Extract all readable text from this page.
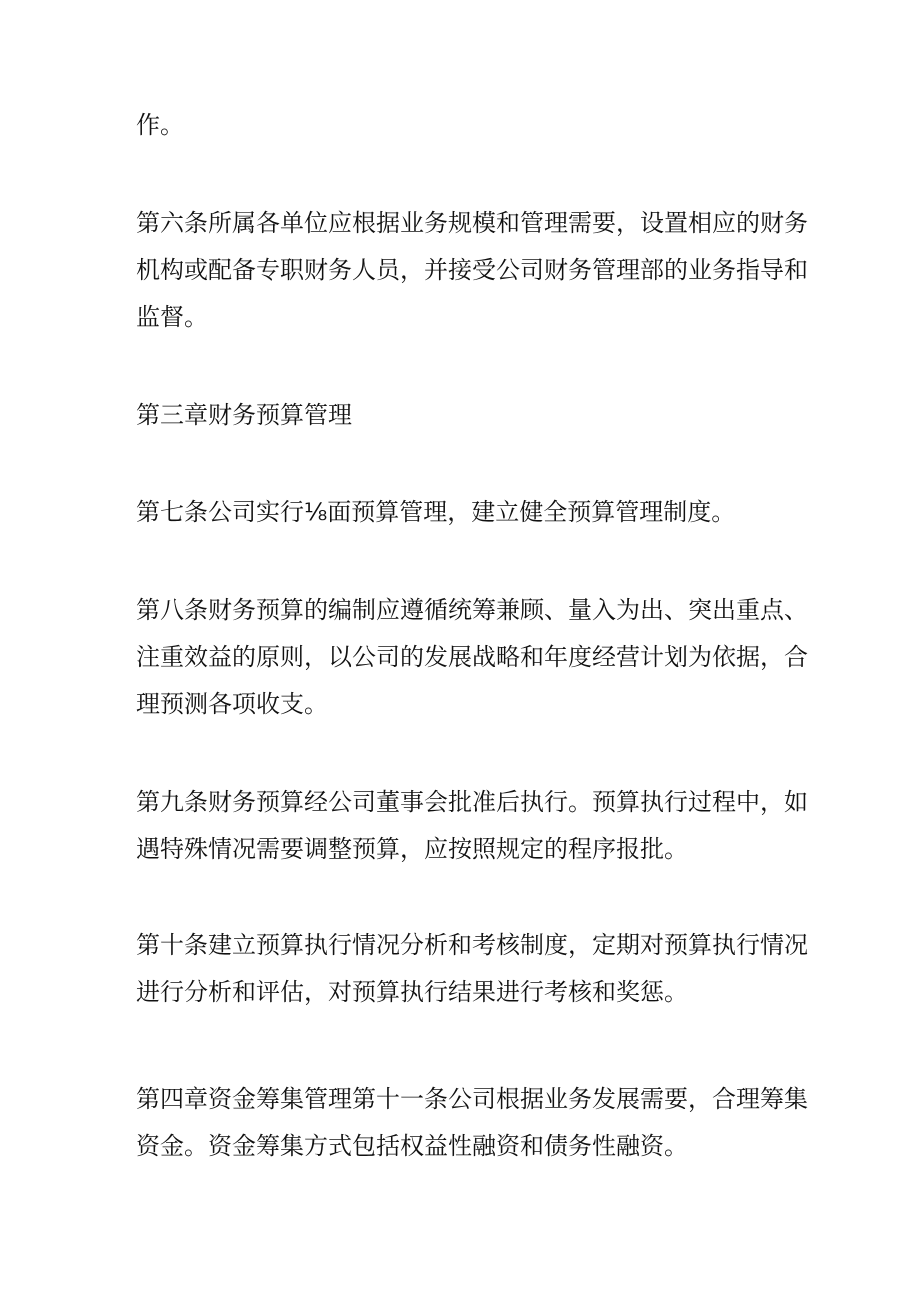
作。

第六条所属各单位应根据业务规模和管理需要，设置相应的财务
机构或配备专职财务人员，并接受公司财务管理部的业务指导和
监督。

第三章财务预算管理

第七条公司实行⅛面预算管理，建立健全预算管理制度。

第八条财务预算的编制应遵循统筹兼顾、量入为出、突出重点、
注重效益的原则，以公司的发展战略和年度经营计划为依据，合
理预测各项收支。

第九条财务预算经公司董事会批准后执行。预算执行过程中，如
遇特殊情况需要调整预算，应按照规定的程序报批。

第十条建立预算执行情况分析和考核制度，定期对预算执行情况
进行分析和评估，对预算执行结果进行考核和奖惩。

第四章资金筹集管理第十一条公司根据业务发展需要，合理筹集
资金。资金筹集方式包括权益性融资和债务性融资。
